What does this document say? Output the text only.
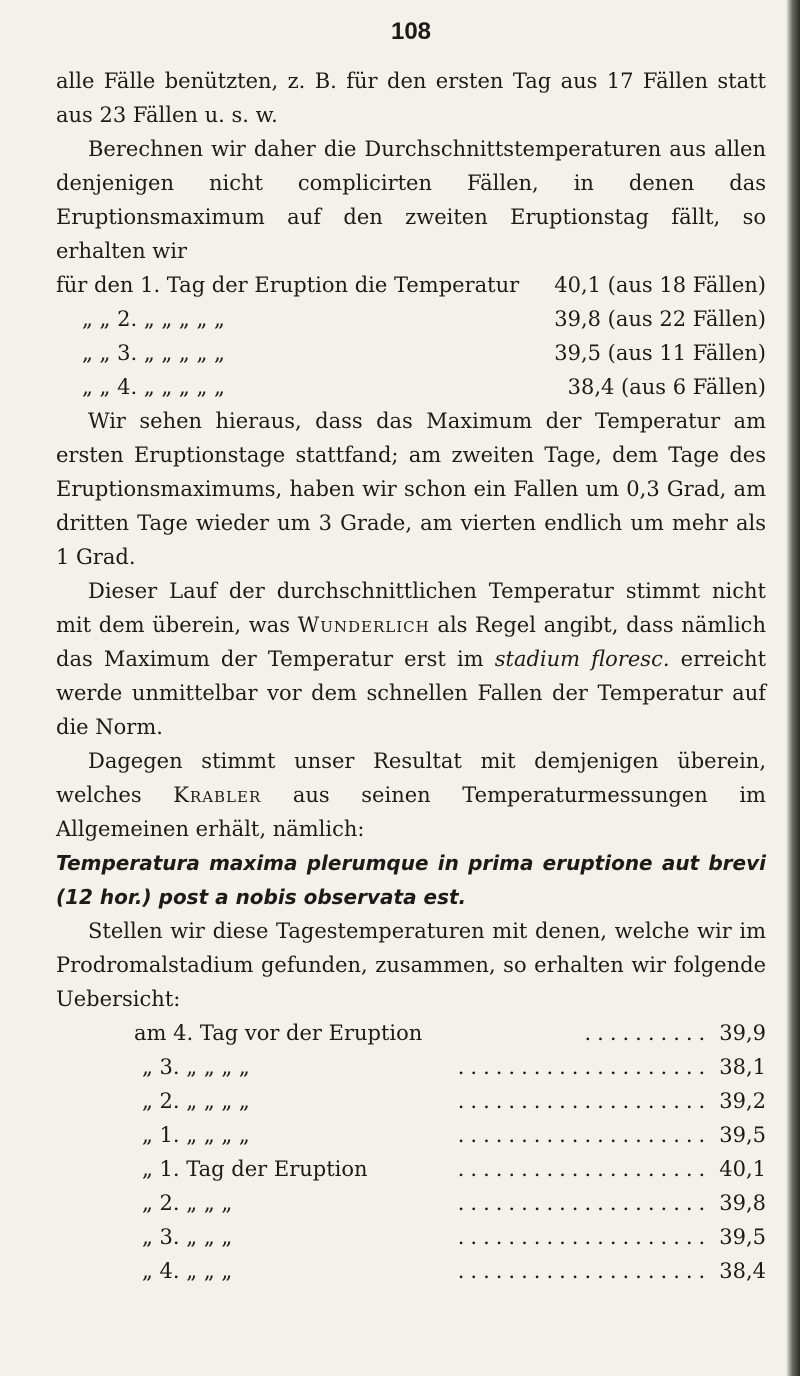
108

alle Fälle benützten, z. B. für den ersten Tag aus 17 Fällen statt aus 23 Fällen u. s. w.

Berechnen wir daher die Durchschnittstemperaturen aus allen denjenigen nicht complicirten Fällen, in denen das Eruptionsmaximum auf den zweiten Eruptionstag fällt, so erhalten wir

für den 1. Tag der Eruption die Temperatur 40,1 (aus 18 Fällen)
„ „ 2. „ „ „ „ „	39,8 (aus 22 Fällen)
„ „ 3. „ „ „ „ „	39,5 (aus 11 Fällen)
„ „ 4. „ „ „ „ „	38,4 (aus 6 Fällen)

Wir sehen hieraus, dass das Maximum der Temperatur am ersten Eruptionstage stattfand; am zweiten Tage, dem Tage des Eruptionsmaximums, haben wir schon ein Fallen um 0,3 Grad, am dritten Tage wieder um 3 Grade, am vierten endlich um mehr als 1 Grad.

Dieser Lauf der durchschnittlichen Temperatur stimmt nicht mit dem überein, was Wunderlich als Regel angibt, dass nämlich das Maximum der Temperatur erst im stadium floresc. erreicht werde unmittelbar vor dem schnellen Fallen der Temperatur auf die Norm.

Dagegen stimmt unser Resultat mit demjenigen überein, welches Krabler aus seinen Temperaturmessungen im Allgemeinen erhält, nämlich:

Temperatura maxima plerumque in prima eruptione aut brevi (12 hor.) post a nobis observata est.

Stellen wir diese Tagestemperaturen mit denen, welche wir im Prodromalstadium gefunden, zusammen, so erhalten wir folgende Uebersicht:

am 4. Tag vor der Eruption	.......... 39,9
„ 3. „ „ „ „	.................... 38,1
„ 2. „ „ „ „	.................... 39,2
„ 1. „ „ „ „	.................... 39,5
„ 1. Tag der Eruption	.................... 40,1
„ 2. „ „ „	.................... 39,8
„ 3. „ „ „	.................... 39,5
„ 4. „ „ „	.................... 38,4
